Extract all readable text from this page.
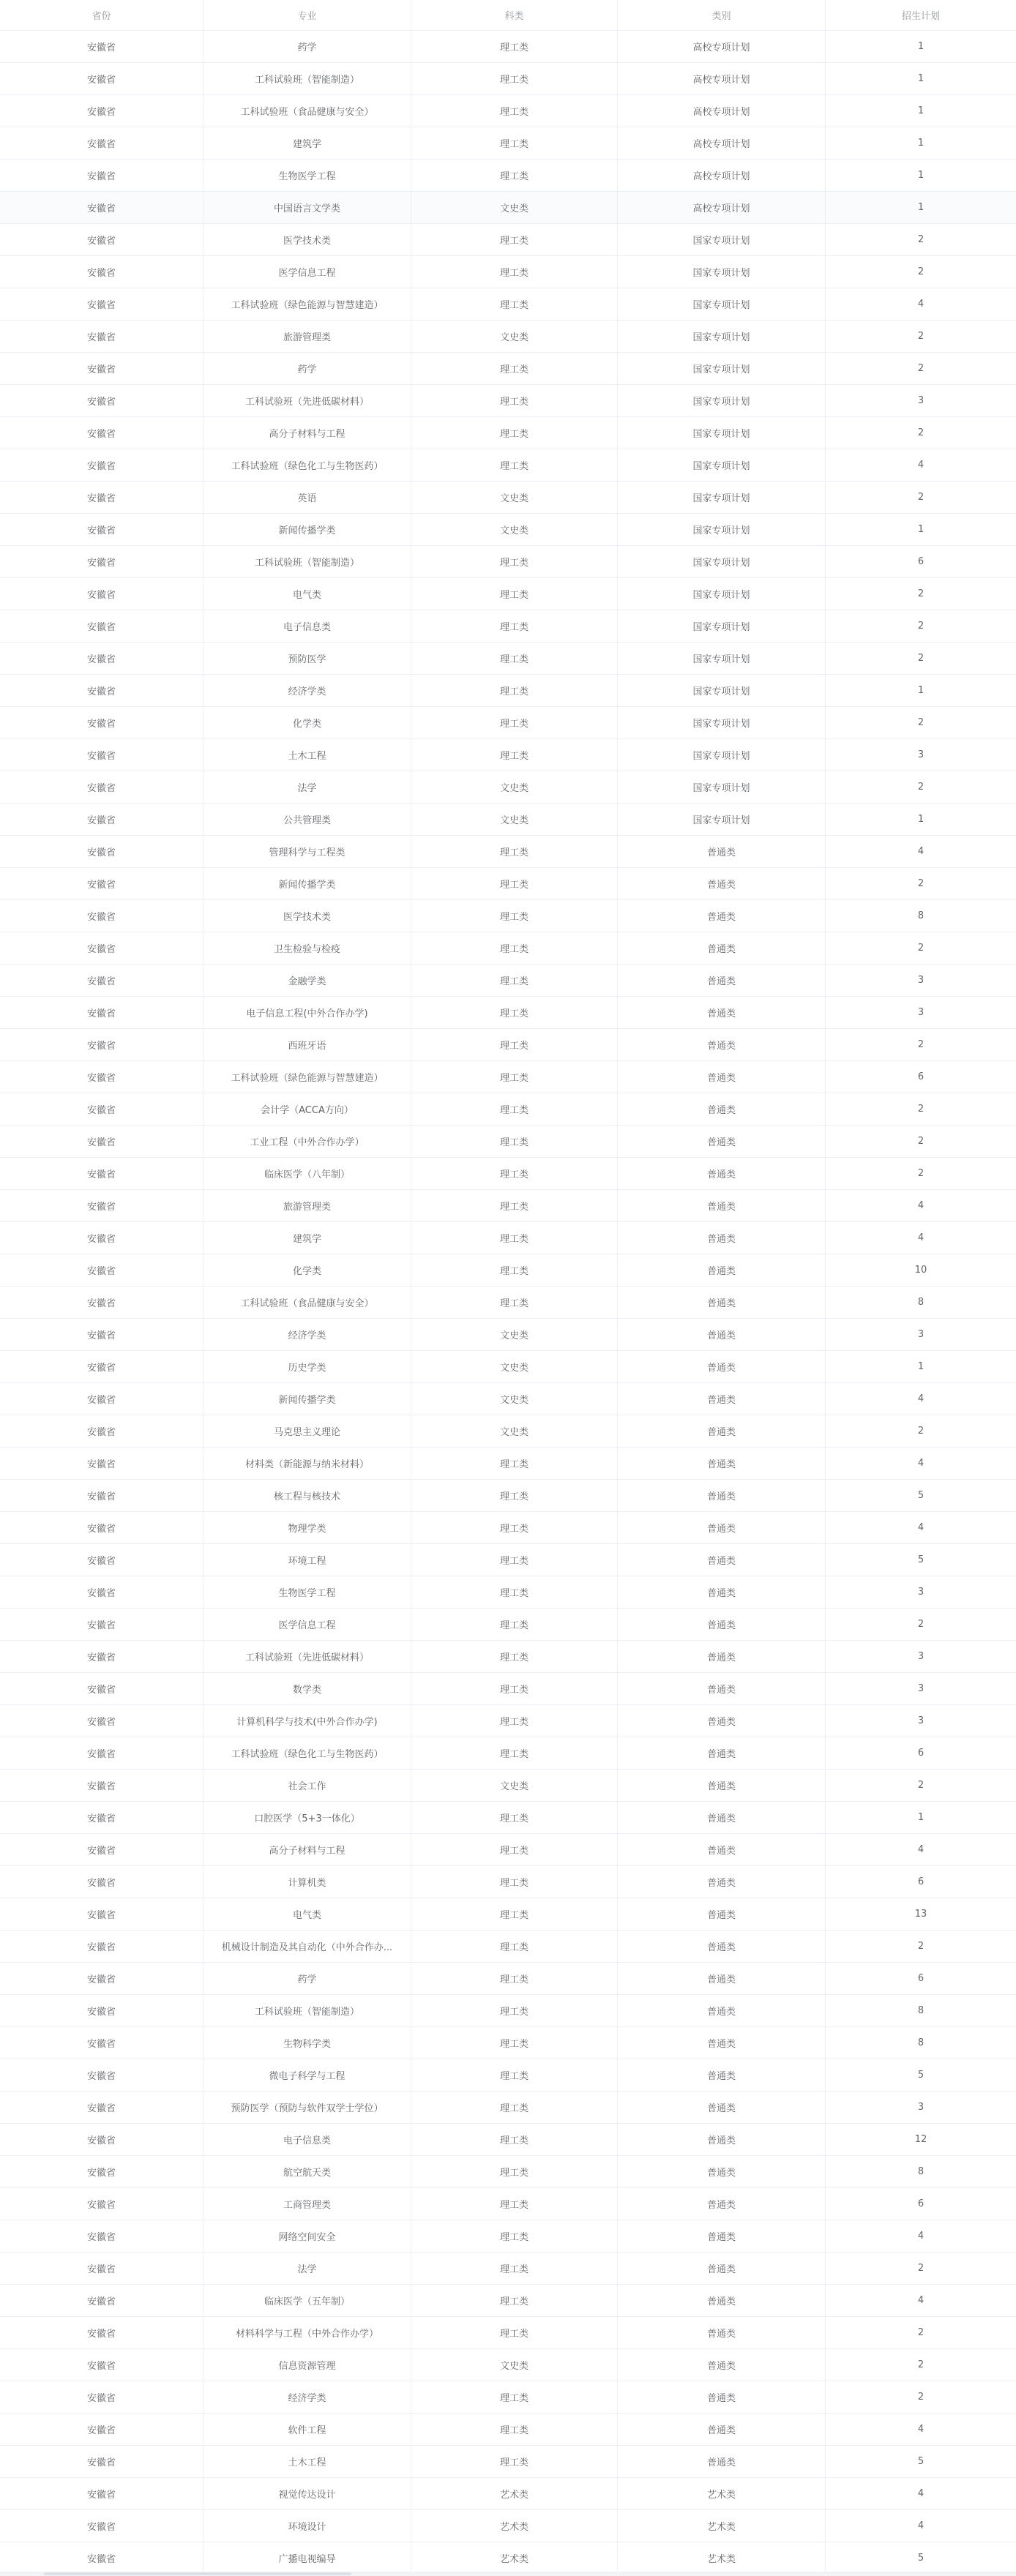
省份	专业	科类	类别	招生计划
安徽省	药学	理工类	高校专项计划	1
安徽省	工科试验班（智能制造）	理工类	高校专项计划	1
安徽省	工科试验班（食品健康与安全）	理工类	高校专项计划	1
安徽省	建筑学	理工类	高校专项计划	1
安徽省	生物医学工程	理工类	高校专项计划	1
安徽省	中国语言文学类	文史类	高校专项计划	1
安徽省	医学技术类	理工类	国家专项计划	2
安徽省	医学信息工程	理工类	国家专项计划	2
安徽省	工科试验班（绿色能源与智慧建造）	理工类	国家专项计划	4
安徽省	旅游管理类	文史类	国家专项计划	2
安徽省	药学	理工类	国家专项计划	2
安徽省	工科试验班（先进低碳材料）	理工类	国家专项计划	3
安徽省	高分子材料与工程	理工类	国家专项计划	2
安徽省	工科试验班（绿色化工与生物医药）	理工类	国家专项计划	4
安徽省	英语	文史类	国家专项计划	2
安徽省	新闻传播学类	文史类	国家专项计划	1
安徽省	工科试验班（智能制造）	理工类	国家专项计划	6
安徽省	电气类	理工类	国家专项计划	2
安徽省	电子信息类	理工类	国家专项计划	2
安徽省	预防医学	理工类	国家专项计划	2
安徽省	经济学类	理工类	国家专项计划	1
安徽省	化学类	理工类	国家专项计划	2
安徽省	土木工程	理工类	国家专项计划	3
安徽省	法学	文史类	国家专项计划	2
安徽省	公共管理类	文史类	国家专项计划	1
安徽省	管理科学与工程类	理工类	普通类	4
安徽省	新闻传播学类	理工类	普通类	2
安徽省	医学技术类	理工类	普通类	8
安徽省	卫生检验与检疫	理工类	普通类	2
安徽省	金融学类	理工类	普通类	3
安徽省	电子信息工程(中外合作办学)	理工类	普通类	3
安徽省	西班牙语	理工类	普通类	2
安徽省	工科试验班（绿色能源与智慧建造）	理工类	普通类	6
安徽省	会计学（ACCA方向）	理工类	普通类	2
安徽省	工业工程（中外合作办学）	理工类	普通类	2
安徽省	临床医学（八年制）	理工类	普通类	2
安徽省	旅游管理类	理工类	普通类	4
安徽省	建筑学	理工类	普通类	4
安徽省	化学类	理工类	普通类	10
安徽省	工科试验班（食品健康与安全）	理工类	普通类	8
安徽省	经济学类	文史类	普通类	3
安徽省	历史学类	文史类	普通类	1
安徽省	新闻传播学类	文史类	普通类	4
安徽省	马克思主义理论	文史类	普通类	2
安徽省	材料类（新能源与纳米材料）	理工类	普通类	4
安徽省	核工程与核技术	理工类	普通类	5
安徽省	物理学类	理工类	普通类	4
安徽省	环境工程	理工类	普通类	5
安徽省	生物医学工程	理工类	普通类	3
安徽省	医学信息工程	理工类	普通类	2
安徽省	工科试验班（先进低碳材料）	理工类	普通类	3
安徽省	数学类	理工类	普通类	3
安徽省	计算机科学与技术(中外合作办学)	理工类	普通类	3
安徽省	工科试验班（绿色化工与生物医药）	理工类	普通类	6
安徽省	社会工作	文史类	普通类	2
安徽省	口腔医学（5+3一体化）	理工类	普通类	1
安徽省	高分子材料与工程	理工类	普通类	4
安徽省	计算机类	理工类	普通类	6
安徽省	电气类	理工类	普通类	13
安徽省	机械设计制造及其自动化（中外合作办...	理工类	普通类	2
安徽省	药学	理工类	普通类	6
安徽省	工科试验班（智能制造）	理工类	普通类	8
安徽省	生物科学类	理工类	普通类	8
安徽省	微电子科学与工程	理工类	普通类	5
安徽省	预防医学（预防与软件双学士学位）	理工类	普通类	3
安徽省	电子信息类	理工类	普通类	12
安徽省	航空航天类	理工类	普通类	8
安徽省	工商管理类	理工类	普通类	6
安徽省	网络空间安全	理工类	普通类	4
安徽省	法学	理工类	普通类	2
安徽省	临床医学（五年制）	理工类	普通类	4
安徽省	材料科学与工程（中外合作办学）	理工类	普通类	2
安徽省	信息资源管理	文史类	普通类	2
安徽省	经济学类	理工类	普通类	2
安徽省	软件工程	理工类	普通类	4
安徽省	土木工程	理工类	普通类	5
安徽省	视觉传达设计	艺术类	艺术类	4
安徽省	环境设计	艺术类	艺术类	4
安徽省	广播电视编导	艺术类	艺术类	5
